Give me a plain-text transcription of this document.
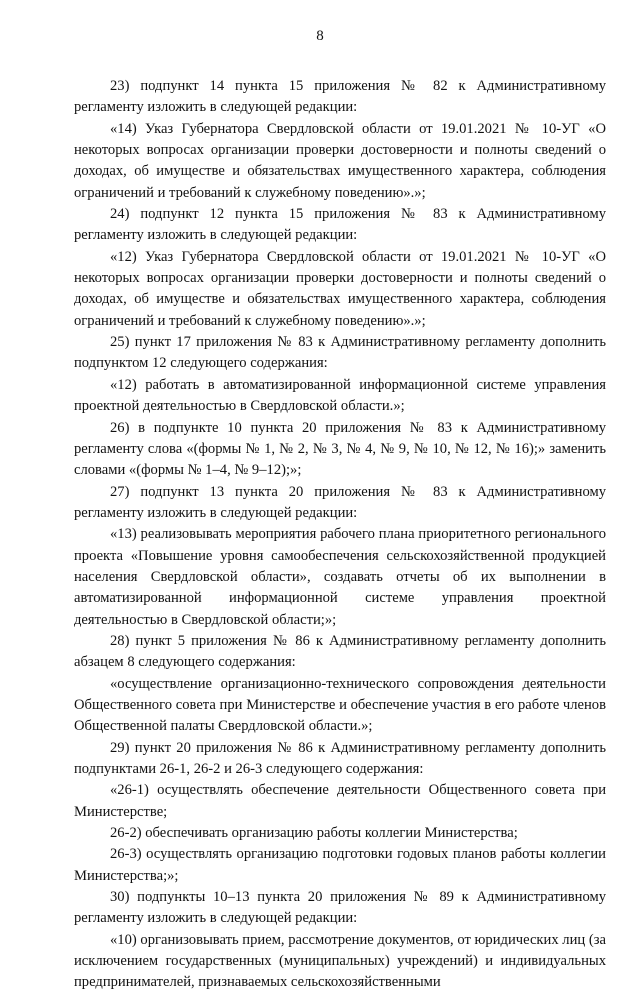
8

23) подпункт 14 пункта 15 приложения № 82 к Административному регламенту изложить в следующей редакции:

«14) Указ Губернатора Свердловской области от 19.01.2021 № 10-УГ «О некоторых вопросах организации проверки достоверности и полноты сведений о доходах, об имуществе и обязательствах имущественного характера, соблюдения ограничений и требований к служебному поведению».»;

24) подпункт 12 пункта 15 приложения № 83 к Административному регламенту изложить в следующей редакции:

«12) Указ Губернатора Свердловской области от 19.01.2021 № 10-УГ «О некоторых вопросах организации проверки достоверности и полноты сведений о доходах, об имуществе и обязательствах имущественного характера, соблюдения ограничений и требований к служебному поведению».»;

25) пункт 17 приложения № 83 к Административному регламенту дополнить подпунктом 12 следующего содержания:

«12) работать в автоматизированной информационной системе управления проектной деятельностью в Свердловской области.»;

26) в подпункте 10 пункта 20 приложения № 83 к Административному регламенту слова «(формы № 1, № 2, № 3, № 4, № 9, № 10, № 12, № 16);» заменить словами «(формы № 1–4, № 9–12);»;

27) подпункт 13 пункта 20 приложения № 83 к Административному регламенту изложить в следующей редакции:

«13) реализовывать мероприятия рабочего плана приоритетного регионального проекта «Повышение уровня самообеспечения сельскохозяйственной продукцией населения Свердловской области», создавать отчеты об их выполнении в автоматизированной информационной системе управления проектной деятельностью в Свердловской области;»;

28) пункт 5 приложения № 86 к Административному регламенту дополнить абзацем 8 следующего содержания:

«осуществление организационно-технического сопровождения деятельности Общественного совета при Министерстве и обеспечение участия в его работе членов Общественной палаты Свердловской области.»;

29) пункт 20 приложения № 86 к Административному регламенту дополнить подпунктами 26-1, 26-2 и 26-3 следующего содержания:

«26-1) осуществлять обеспечение деятельности Общественного совета при Министерстве;

26-2) обеспечивать организацию работы коллегии Министерства;

26-3) осуществлять организацию подготовки годовых планов работы коллегии Министерства;»;

30) подпункты 10–13 пункта 20 приложения № 89 к Административному регламенту изложить в следующей редакции:

«10) организовывать прием, рассмотрение документов, от юридических лиц (за исключением государственных (муниципальных) учреждений) и индивидуальных предпринимателей, признаваемых сельскохозяйственными
